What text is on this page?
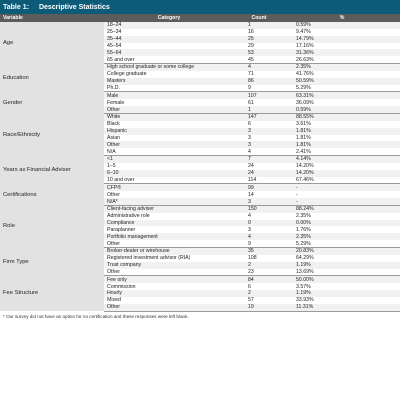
Table 1:	Descriptive Statistics
Variable	Category	Count	%
Age	18–24	1	0.59%
	25–34	16	9.47%
	35–44	25	14.79%
	45–54	29	17.16%
	55–64	53	31.36%
	65 and over	45	26.63%
Education	High school graduate or some college	4	2.35%
	College graduate	71	41.76%
	Masters	86	50.59%
	Ph.D.	9	5.29%
Gender	Male	107	63.31%
	Female	61	36.09%
	Other	1	0.59%
Race/Ethnicity	White	147	88.55%
	Black	6	3.61%
	Hispanic	3	1.81%
	Asian	3	1.81%
	Other	3	1.81%
	N/A	4	2.41%
Years as Financial Adviser	<1	7	4.14%
	1–5	24	14.20%
	6–10	24	14.20%
	10 and over	114	67.46%
Certifications	CFP®	99	-
	Other	14	-
	N/A*	3	-
Role	Client-facing adviser	150	88.24%
	Administrative role	4	2.35%
	Compliance	0	0.00%
	Paraplanner	3	1.76%
	Portfolio management	4	2.35%
	Other	9	5.29%
Firm Type	Broker-dealer or wirehouse	35	20.83%
	Registered investment advisor (RIA)	108	64.29%
	Trust company	2	1.19%
	Other	23	13.69%
Fee Structure	Fee only	84	50.00%
	Commission	6	3.57%
	Hourly	2	1.19%
	Mixed	57	33.93%
	Other	19	11.31%
* Our survey did not have an option for no certification and these responses were left blank.
